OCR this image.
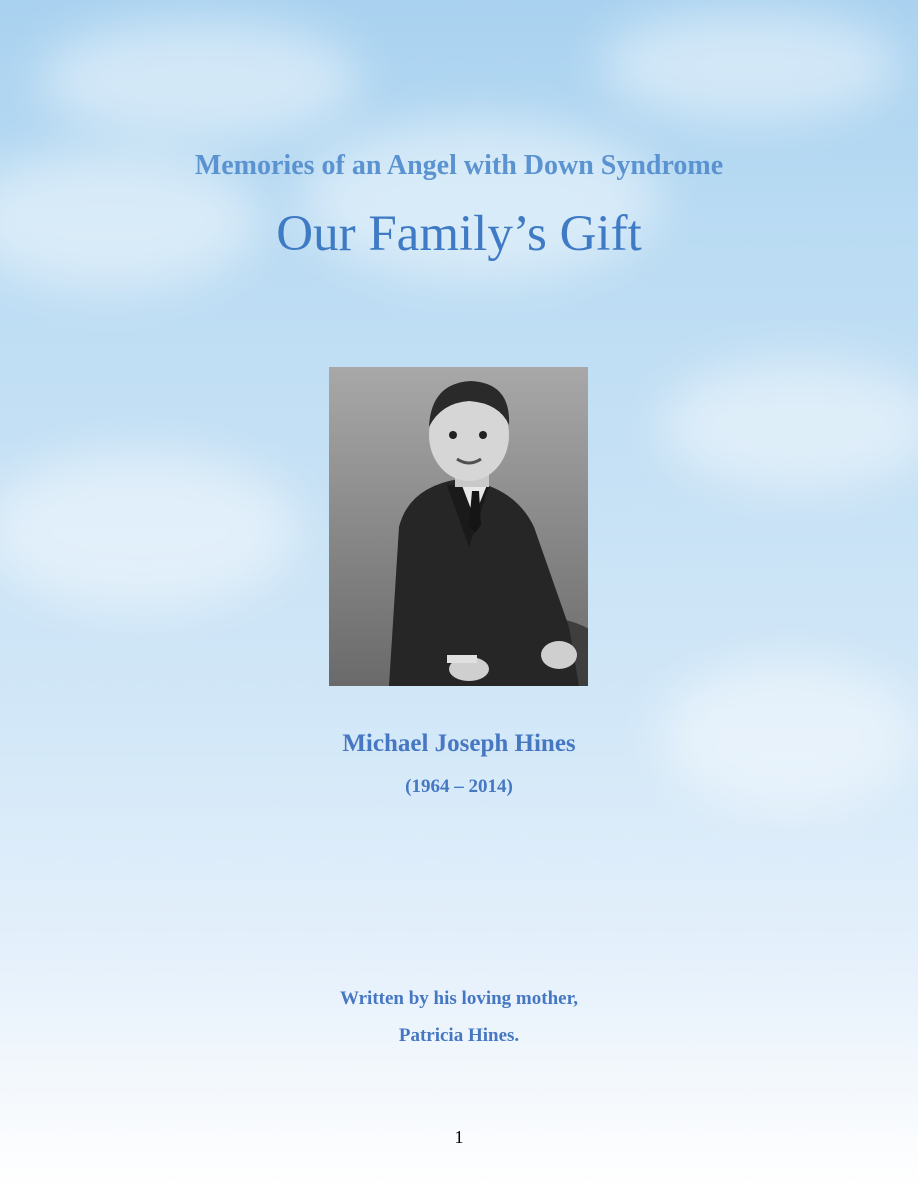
Memories of an Angel with Down Syndrome
Our Family’s Gift
Michael Joseph Hines
(1964 – 2014)
Written by his loving mother,
Patricia Hines.
1
